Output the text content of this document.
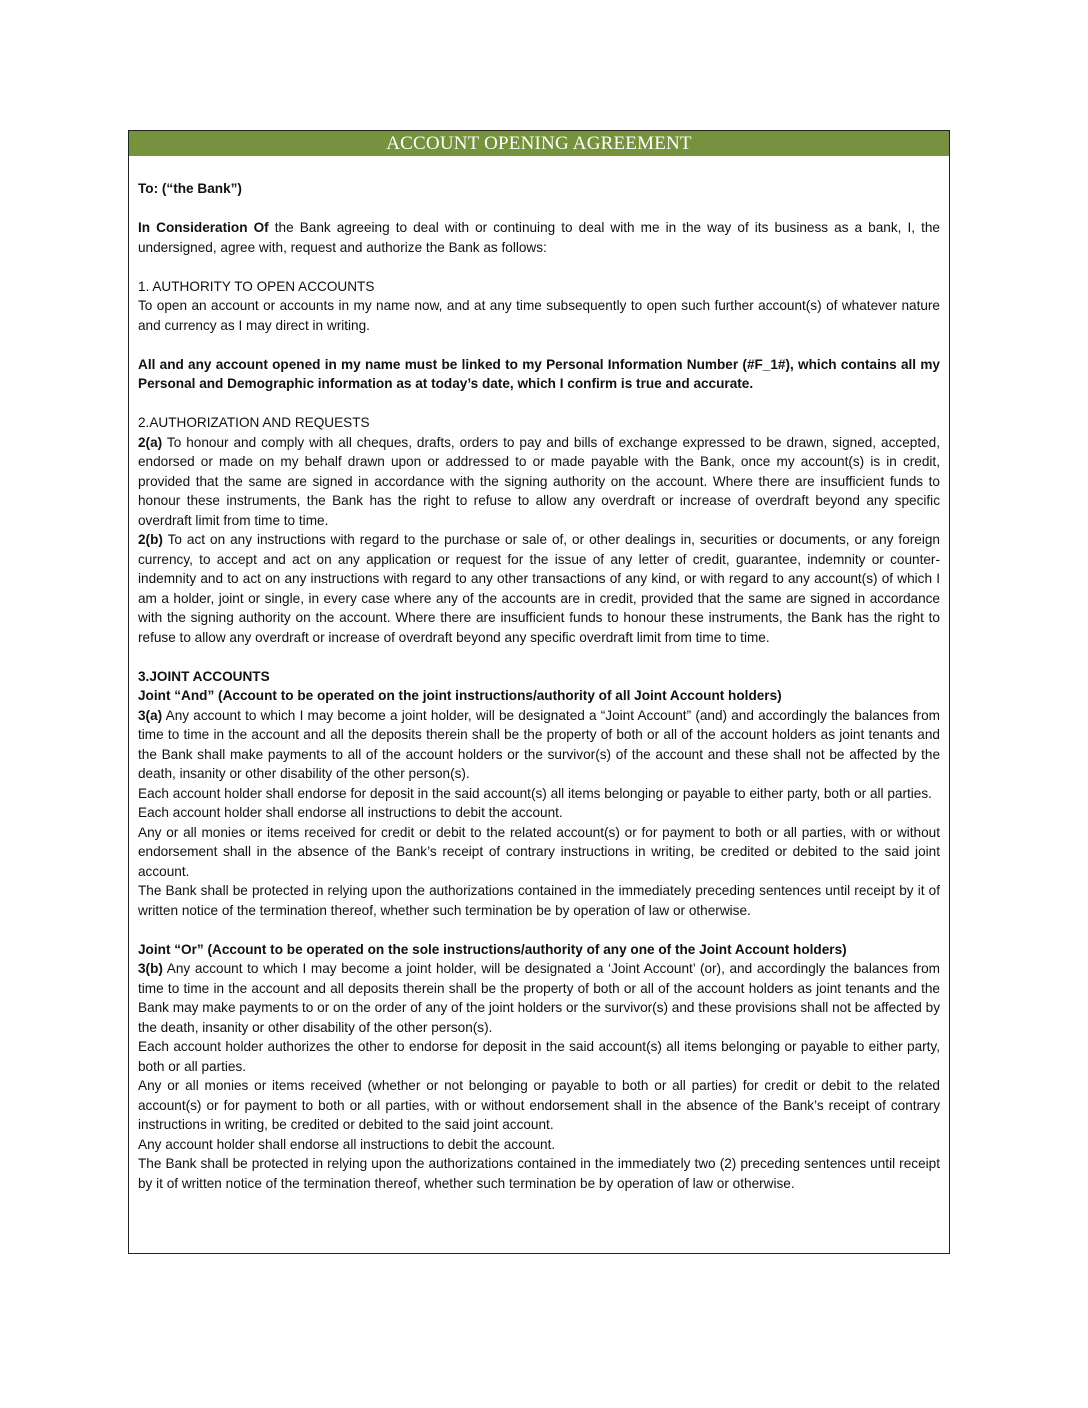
ACCOUNT OPENING AGREEMENT

To: (“the Bank”)

In Consideration Of the Bank agreeing to deal with or continuing to deal with me in the way of its business as a bank, I, the undersigned, agree with, request and authorize the Bank as follows:

1. AUTHORITY TO OPEN ACCOUNTS

To open an account or accounts in my name now, and at any time subsequently to open such further account(s) of whatever nature and currency as I may direct in writing.

All and any account opened in my name must be linked to my Personal Information Number (#F_1#), which contains all my Personal and Demographic information as at today’s date, which I confirm is true and accurate.

2.AUTHORIZATION AND REQUESTS

2(a) To honour and comply with all cheques, drafts, orders to pay and bills of exchange expressed to be drawn, signed, accepted, endorsed or made on my behalf drawn upon or addressed to or made payable with the Bank, once my account(s) is in credit, provided that the same are signed in accordance with the signing authority on the account. Where there are insufficient funds to honour these instruments, the Bank has the right to refuse to allow any overdraft or increase of overdraft beyond any specific overdraft limit from time to time.

2(b) To act on any instructions with regard to the purchase or sale of, or other dealings in, securities or documents, or any foreign currency, to accept and act on any application or request for the issue of any letter of credit, guarantee, indemnity or counter-indemnity and to act on any instructions with regard to any other transactions of any kind, or with regard to any account(s) of which I am a holder, joint or single, in every case where any of the accounts are in credit, provided that the same are signed in accordance with the signing authority on the account. Where there are insufficient funds to honour these instruments, the Bank has the right to refuse to allow any overdraft or increase of overdraft beyond any specific overdraft limit from time to time.

3.JOINT ACCOUNTS

Joint “And” (Account to be operated on the joint instructions/authority of all Joint Account holders)

3(a) Any account to which I may become a joint holder, will be designated a “Joint Account” (and) and accordingly the balances from time to time in the account and all the deposits therein shall be the property of both or all of the account holders as joint tenants and the Bank shall make payments to all of the account holders or the survivor(s) of the account and these shall not be affected by the death, insanity or other disability of the other person(s).

Each account holder shall endorse for deposit in the said account(s) all items belonging or payable to either party, both or all parties.

Each account holder shall endorse all instructions to debit the account.

Any or all monies or items received for credit or debit to the related account(s) or for payment to both or all parties, with or without endorsement shall in the absence of the Bank’s receipt of contrary instructions in writing, be credited or debited to the said joint account.

The Bank shall be protected in relying upon the authorizations contained in the immediately preceding sentences until receipt by it of written notice of the termination thereof, whether such termination be by operation of law or otherwise.

Joint “Or” (Account to be operated on the sole instructions/authority of any one of the Joint Account holders)

3(b) Any account to which I may become a joint holder, will be designated a ‘Joint Account’ (or), and accordingly the balances from time to time in the account and all deposits therein shall be the property of both or all of the account holders as joint tenants and the Bank may make payments to or on the order of any of the joint holders or the survivor(s) and these provisions shall not be affected by the death, insanity or other disability of the other person(s).

Each account holder authorizes the other to endorse for deposit in the said account(s) all items belonging or payable to either party, both or all parties.

Any or all monies or items received (whether or not belonging or payable to both or all parties) for credit or debit to the related account(s) or for payment to both or all parties, with or without endorsement shall in the absence of the Bank’s receipt of contrary instructions in writing, be credited or debited to the said joint account.

Any account holder shall endorse all instructions to debit the account.

The Bank shall be protected in relying upon the authorizations contained in the immediately two (2) preceding sentences until receipt by it of written notice of the termination thereof, whether such termination be by operation of law or otherwise.
